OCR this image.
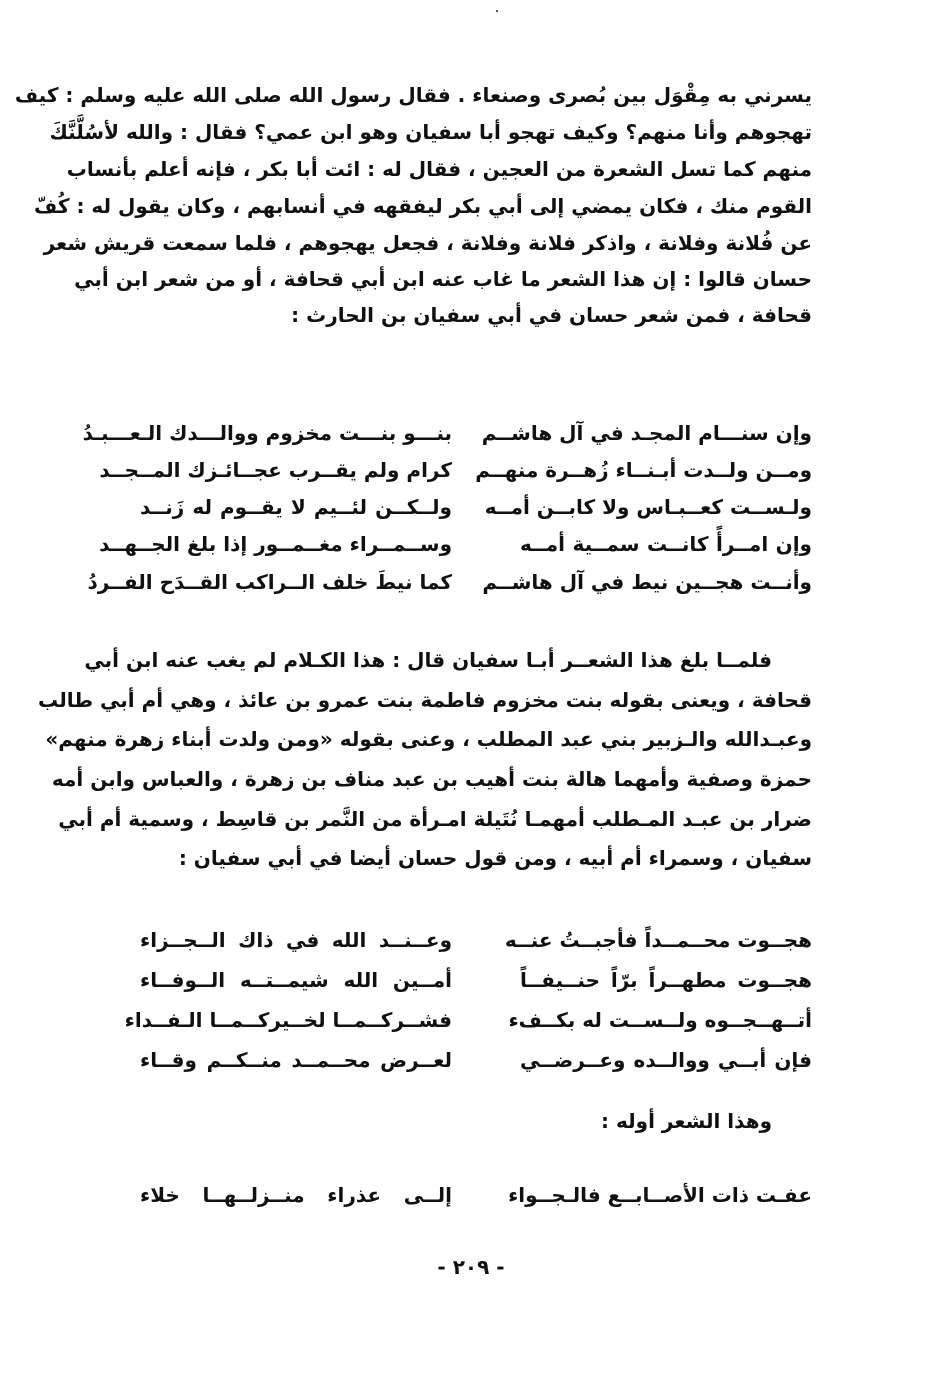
يسرني به مِقْوَل بين بُصرى وصنعاء . فقال رسول الله صلى الله عليه وسلم : كيف
تهجوهم وأنا منهم؟ وكيف تهجو أبا سفيان وهو ابن عمي؟ فقال : والله لأسُلَّنَّكَ
منهم كما تسل الشعرة من العجين ، فقال له : ائت أبا بكر ، فإنه أعلم بأنساب
القوم منك ، فكان يمضي إلى أبي بكر ليفقهه في أنسابهم ، وكان يقول له : كُفّ
عن فُلانة وفلانة ، واذكر فلانة وفلانة ، فجعل يهجوهم ، فلما سمعت قريش شعر
حسان قالوا : إن هذا الشعر ما غاب عنه ابن أبي قحافة ، أو من شعر ابن أبي
قحافة ، فمن شعر حسان في أبي سفيان بن الحارث :
وإن سنـــام المجـد في آل هاشــم
بنـــو بنـــت مخزوم ووالـــدك الـعـــبـدُ
ومــن ولــدت أبـنــاء زُهــرة منهــم
كرام ولم يقــرب عجــائـزك المــجــد
ولـســت كعــبـاس ولا كابــن أمــه
ولــكــن لئــيم لا يقــوم له زَنــد
وإن امــرأً كانــت سمــية أمــه
وســمــراء مغــمــور إذا بلغ الجــهــد
وأنــت هجــين نيط في آل هاشــم
كما نيطَ خلف الــراكب القــدَح الفــردُ
فلمــا بلغ هذا الشعــر أبـا سفيان قال : هذا الكـلام لم يغب عنه ابن أبي
قحافة ، ويعنى بقوله بنت مخزوم فاطمة بنت عمرو بن عائذ ، وهي أم أبي طالب
وعبـدالله والـزبير بني عبد المطلب ، وعنى بقوله «ومن ولدت أبناء زهرة منهم»
حمزة وصفية وأمهما هالة بنت أهيب بن عبد مناف بن زهرة ، والعباس وابن أمه
ضرار بن عبـد المـطلب أمهمـا نُتَيلة امـرأة من النَّمر بن قاسِط ، وسمية أم أبي
سفيان ، وسمراء أم أبيه ، ومن قول حسان أيضا في أبي سفيان :
هجــوت محــمــداً فأجبــتُ عنــه
وعــنــد الله في ذاك الــجــزاء
هجــوت مطهــراً برّاً حنــيفــاً
أمــين الله شيمــتــه الــوفــاء
أتــهــجــوه ولــســت له بكــفء
فشــركــمــا لخــيركــمــا الـفــداء
فإن أبــي ووالــده وعــرضــي
لعــرض محــمــد منــكــم وقــاء
وهذا الشعر أوله :
عفـت ذات الأصــابــع فالـجــواء
إلــى عذراء منــزلــهــا خلاء
- ٢٠٩ -
